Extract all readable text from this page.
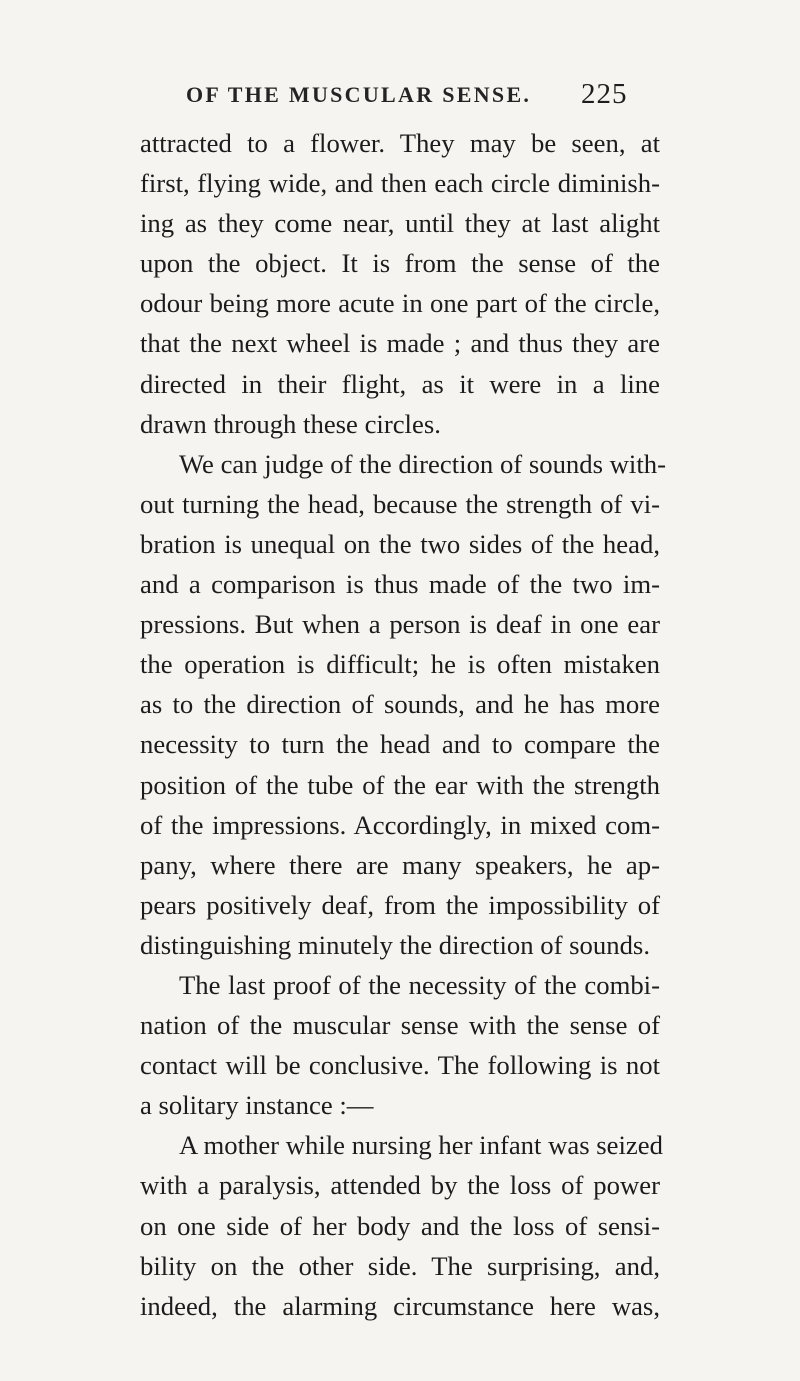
OF THE MUSCULAR SENSE. 225
attracted to a flower. They may be seen, at
first, flying wide, and then each circle diminish-
ing as they come near, until they at last alight
upon the object. It is from the sense of the
odour being more acute in one part of the circle,
that the next wheel is made ; and thus they are
directed in their flight, as it were in a line
drawn through these circles.
We can judge of the direction of sounds with-
out turning the head, because the strength of vi-
bration is unequal on the two sides of the head,
and a comparison is thus made of the two im-
pressions. But when a person is deaf in one ear
the operation is difficult; he is often mistaken
as to the direction of sounds, and he has more
necessity to turn the head and to compare the
position of the tube of the ear with the strength
of the impressions. Accordingly, in mixed com-
pany, where there are many speakers, he ap-
pears positively deaf, from the impossibility of
distinguishing minutely the direction of sounds.
The last proof of the necessity of the combi-
nation of the muscular sense with the sense of
contact will be conclusive. The following is not
a solitary instance :—
A mother while nursing her infant was seized
with a paralysis, attended by the loss of power
on one side of her body and the loss of sensi-
bility on the other side. The surprising, and,
indeed, the alarming circumstance here was,
